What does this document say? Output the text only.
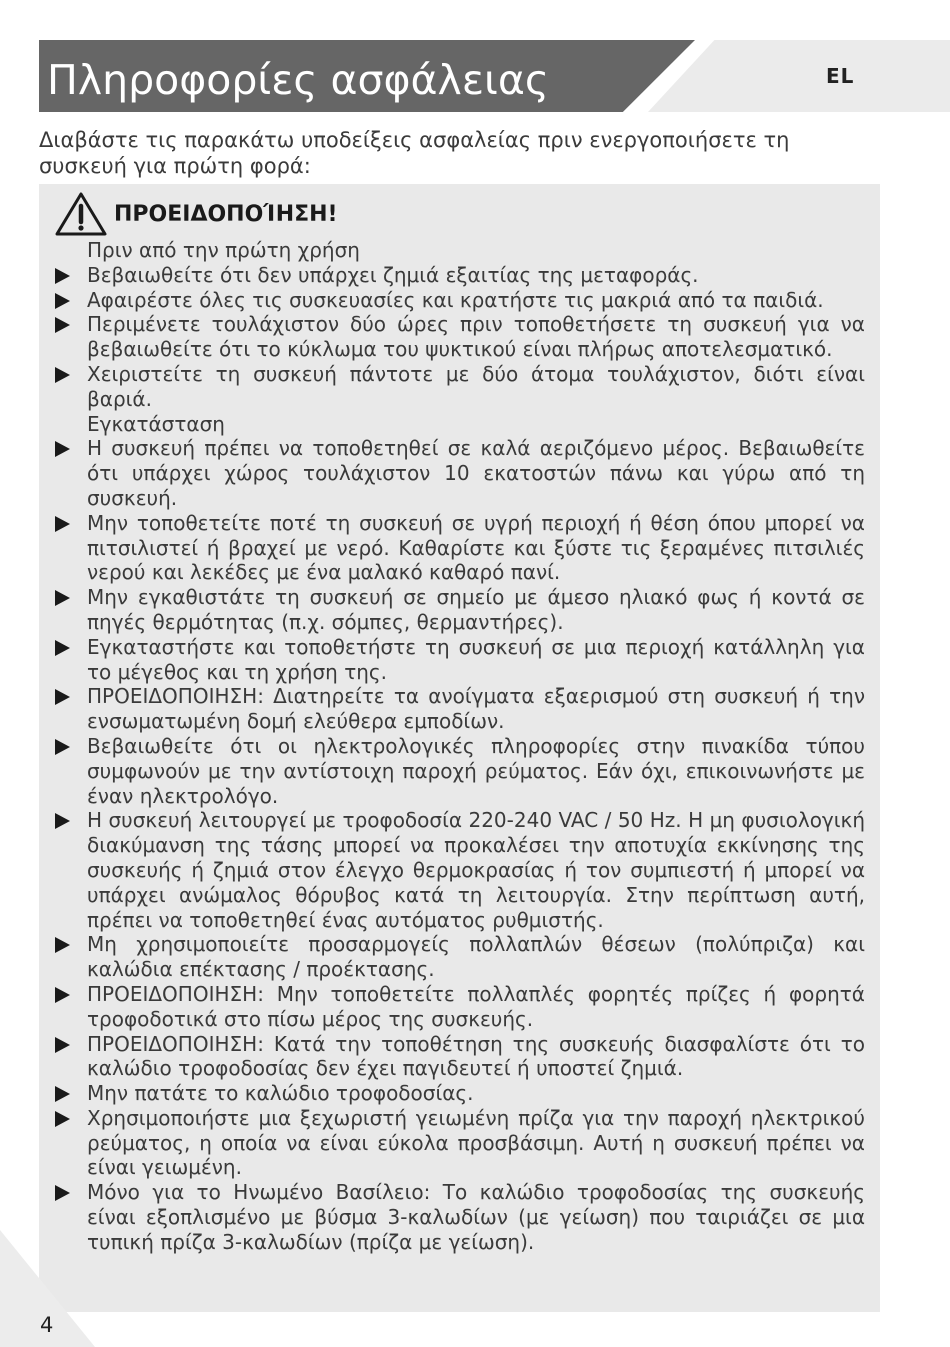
Πληροφορίες ασφάλειας	EL

Διαβάστε τις παρακάτω υποδείξεις ασφαλείας πριν ενεργοποιήσετε τη συσκευή για πρώτη φορά:

ΠΡΟΕΙΔΟΠΟΊΗΣΗ!

Πριν από την πρώτη χρήση

Βεβαιωθείτε ότι δεν υπάρχει ζημιά εξαιτίας της μεταφοράς.

Αφαιρέστε όλες τις συσκευασίες και κρατήστε τις μακριά από τα παιδιά.

Περιμένετε τουλάχιστον δύο ώρες πριν τοποθετήσετε τη συσκευή για να βεβαιωθείτε ότι το κύκλωμα του ψυκτικού είναι πλήρως αποτελεσματικό.

Χειριστείτε τη συσκευή πάντοτε με δύο άτομα τουλάχιστον, διότι είναι βαριά.

Εγκατάσταση

Η συσκευή πρέπει να τοποθετηθεί σε καλά αεριζόμενο μέρος. Βεβαιωθείτε ότι υπάρχει χώρος τουλάχιστον 10 εκατοστών πάνω και γύρω από τη συσκευή.

Μην τοποθετείτε ποτέ τη συσκευή σε υγρή περιοχή ή θέση όπου μπορεί να πιτσιλιστεί ή βραχεί με νερό. Καθαρίστε και ξύστε τις ξεραμένες πιτσιλιές νερού και λεκέδες με ένα μαλακό καθαρό πανί.

Μην εγκαθιστάτε τη συσκευή σε σημείο με άμεσο ηλιακό φως ή κοντά σε πηγές θερμότητας (π.χ. σόμπες, θερμαντήρες).

Εγκαταστήστε και τοποθετήστε τη συσκευή σε μια περιοχή κατάλληλη για το μέγεθος και τη χρήση της.

ΠΡΟΕΙΔΟΠΟΙΗΣΗ: Διατηρείτε τα ανοίγματα εξαερισμού στη συσκευή ή την ενσωματωμένη δομή ελεύθερα εμποδίων.

Βεβαιωθείτε ότι οι ηλεκτρολογικές πληροφορίες στην πινακίδα τύπου συμφωνούν με την αντίστοιχη παροχή ρεύματος. Εάν όχι, επικοινωνήστε με έναν ηλεκτρολόγο.

Η συσκευή λειτουργεί με τροφοδοσία 220-240 VAC / 50 Hz. Η μη φυσιολογική διακύμανση της τάσης μπορεί να προκαλέσει την αποτυχία εκκίνησης της συσκευής ή ζημιά στον έλεγχο θερμοκρασίας ή τον συμπιεστή ή μπορεί να υπάρχει ανώμαλος θόρυβος κατά τη λειτουργία. Στην περίπτωση αυτή, πρέπει να τοποθετηθεί ένας αυτόματος ρυθμιστής.

Μη χρησιμοποιείτε προσαρμογείς πολλαπλών θέσεων (πολύπριζα) και καλώδια επέκτασης / προέκτασης.

ΠΡΟΕΙΔΟΠΟΙΗΣΗ: Μην τοποθετείτε πολλαπλές φορητές πρίζες ή φορητά τροφοδοτικά στο πίσω μέρος της συσκευής.

ΠΡΟΕΙΔΟΠΟΙΗΣΗ: Κατά την τοποθέτηση της συσκευής διασφαλίστε ότι το καλώδιο τροφοδοσίας δεν έχει παγιδευτεί ή υποστεί ζημιά.

Μην πατάτε το καλώδιο τροφοδοσίας.

Χρησιμοποιήστε μια ξεχωριστή γειωμένη πρίζα για την παροχή ηλεκτρικού ρεύματος, η οποία να είναι εύκολα προσβάσιμη. Αυτή η συσκευή πρέπει να είναι γειωμένη.

Μόνο για το Ηνωμένο Βασίλειο: Το καλώδιο τροφοδοσίας της συσκευής είναι εξοπλισμένο με βύσμα 3-καλωδίων (με γείωση) που ταιριάζει σε μια τυπική πρίζα 3-καλωδίων (πρίζα με γείωση).

4
